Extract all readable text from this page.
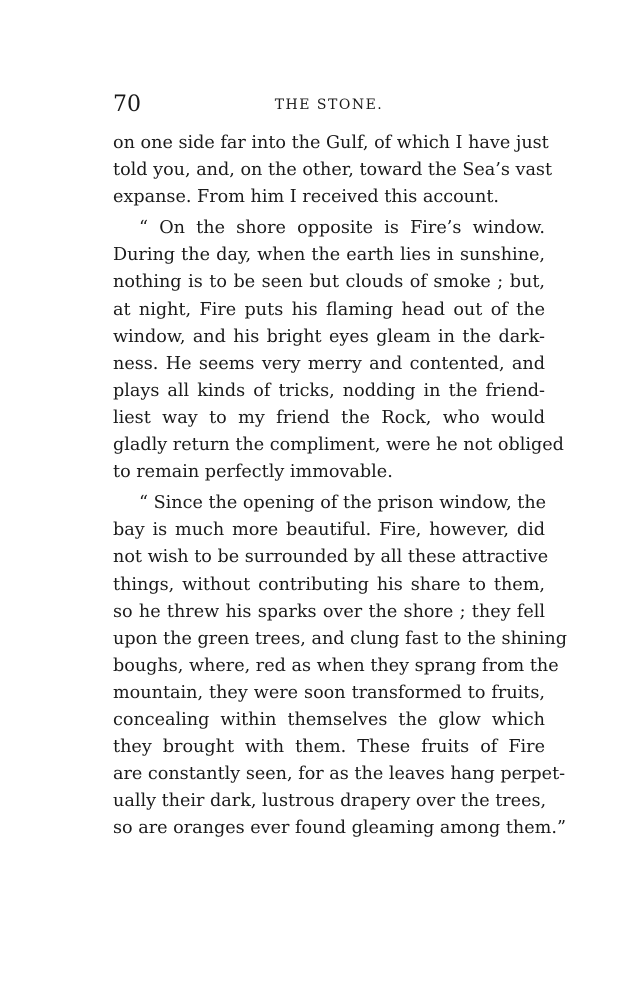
70	THE STONE.
on one side far into the Gulf, of which I have just
told you, and, on the other, toward the Sea’s vast
expanse. From him I received this account.
“ On the shore opposite is Fire’s window.
During the day, when the earth lies in sunshine,
nothing is to be seen but clouds of smoke ; but,
at night, Fire puts his flaming head out of the
window, and his bright eyes gleam in the dark-
ness. He seems very merry and contented, and
plays all kinds of tricks, nodding in the friend-
liest way to my friend the Rock, who would
gladly return the compliment, were he not obliged
to remain perfectly immovable.
“ Since the opening of the prison window, the
bay is much more beautiful. Fire, however, did
not wish to be surrounded by all these attractive
things, without contributing his share to them,
so he threw his sparks over the shore ; they fell
upon the green trees, and clung fast to the shining
boughs, where, red as when they sprang from the
mountain, they were soon transformed to fruits,
concealing within themselves the glow which
they brought with them. These fruits of Fire
are constantly seen, for as the leaves hang perpet-
ually their dark, lustrous drapery over the trees,
so are oranges ever found gleaming among them.”
